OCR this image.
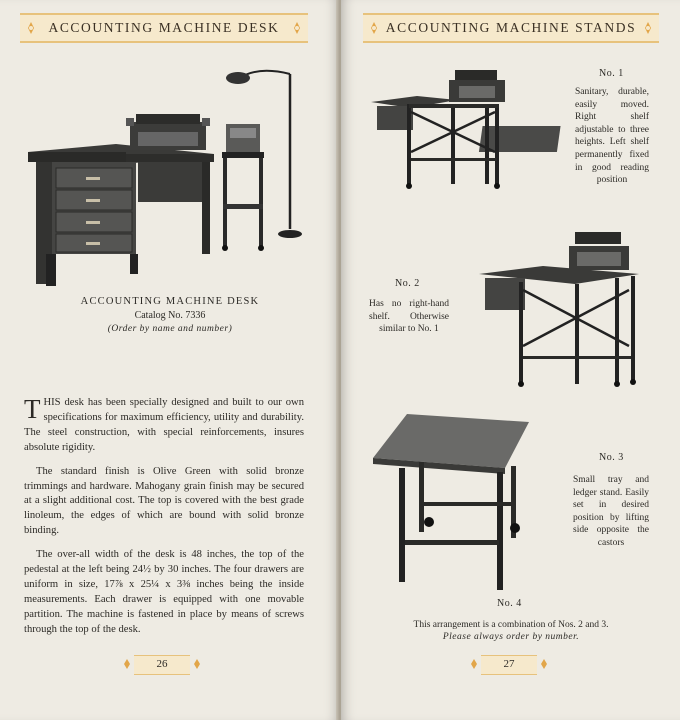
ACCOUNTING MACHINE DESK
ACCOUNTING MACHINE DESK
Catalog No. 7336
(Order by name and number)

THIS desk has been specially designed and built to our own specifications for maximum efficiency, utility and durability. The steel construction, with special reinforcements, insures absolute rigidity.

The standard finish is Olive Green with solid bronze trimmings and hardware. Mahogany grain finish may be secured at a slight additional cost. The top is covered with the best grade linoleum, the edges of which are bound with solid bronze binding.

The over-all width of the desk is 48 inches, the top of the pedestal at the left being 24½ by 30 inches. The four drawers are uniform in size, 17⅞ x 25¼ x 3⅜ inches being the inside measurements. Each drawer is equipped with one movable partition. The machine is fastened in place by means of screws through the top of the desk.

26
ACCOUNTING MACHINE STANDS
No. 1
Sanitary, durable, easily moved. Right shelf adjustable to three heights. Left shelf permanently fixed in good reading position
No. 2
Has no right-hand shelf. Otherwise similar to No. 1
No. 3
Small tray and ledger stand. Easily set in desired position by lifting side opposite the castors
No. 4
This arrangement is a combination of Nos. 2 and 3.
Please always order by number.
27
